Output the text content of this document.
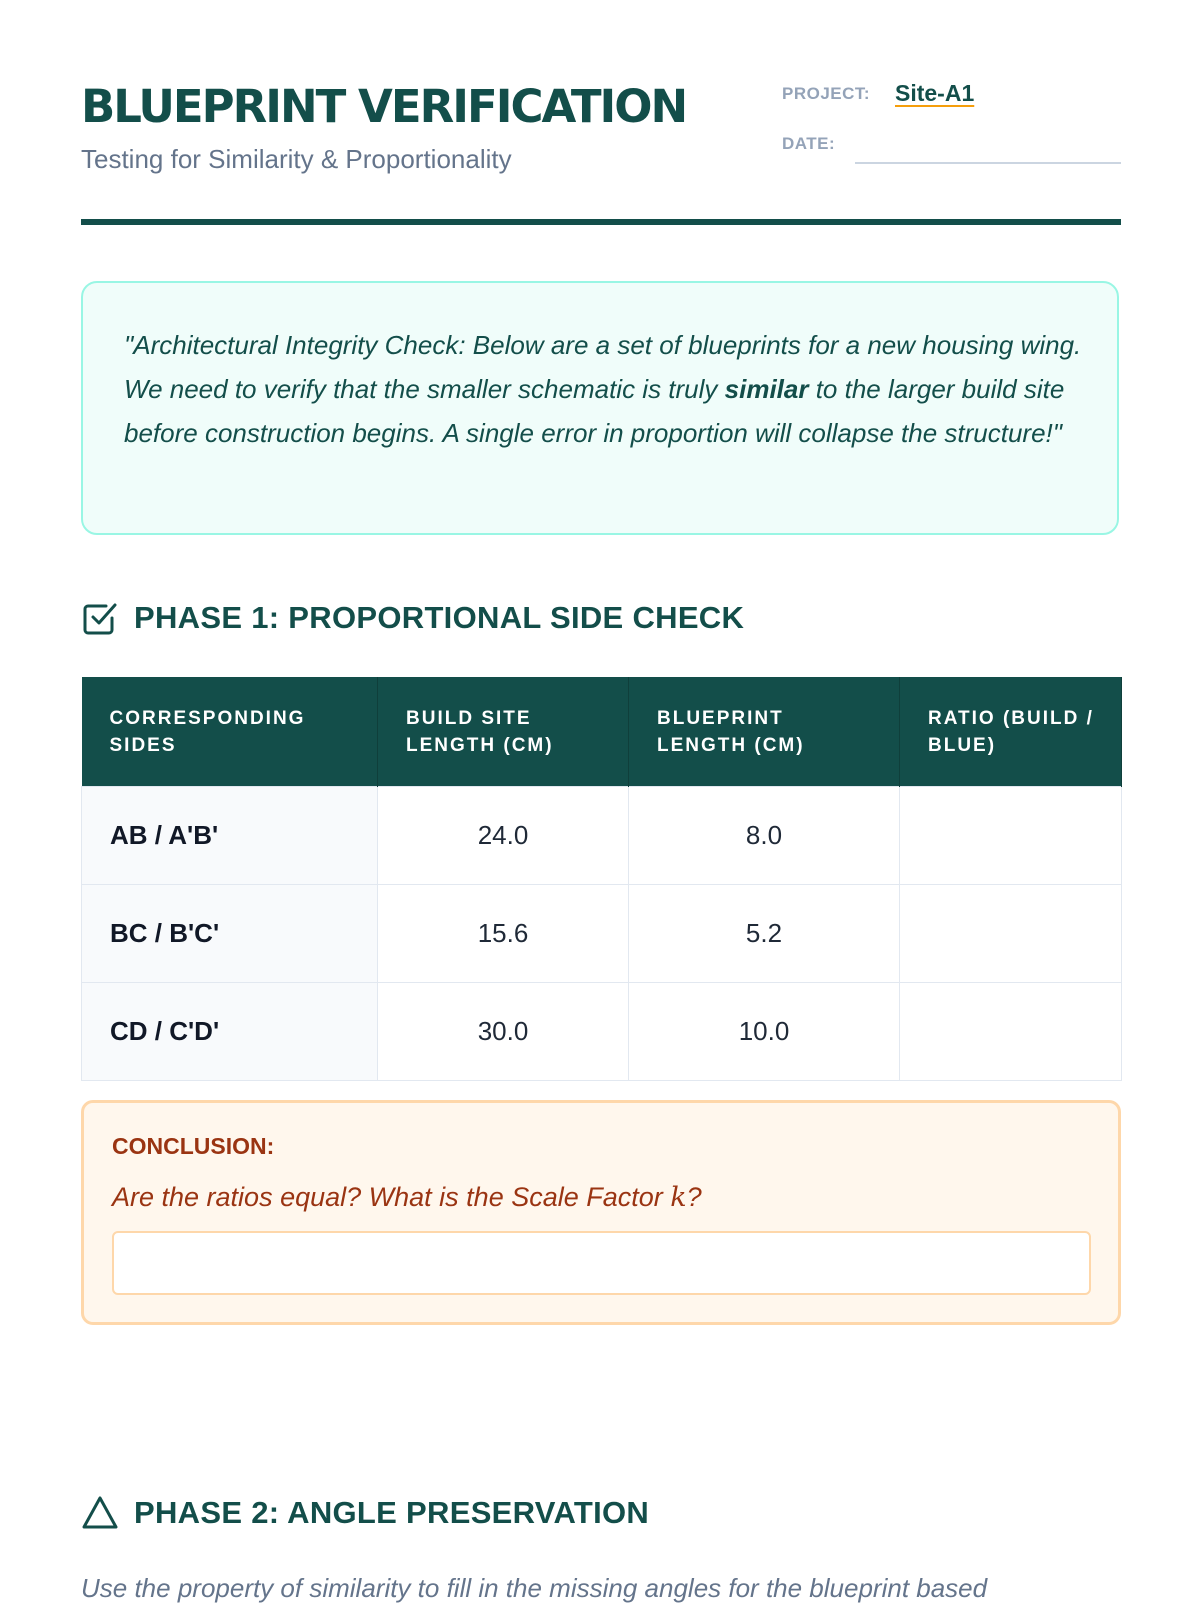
BLUEPRINT VERIFICATION
Testing for Similarity & Proportionality
PROJECT: Site-A1
DATE:

"Architectural Integrity Check: Below are a set of blueprints for a new housing wing. We need to verify that the smaller schematic is truly similar to the larger build site before construction begins. A single error in proportion will collapse the structure!"

PHASE 1: PROPORTIONAL SIDE CHECK
CORRESPONDING SIDES	BUILD SITE LENGTH (CM)	BLUEPRINT LENGTH (CM)	RATIO (BUILD / BLUE)
AB / A'B'	24.0	8.0	
BC / B'C'	15.6	5.2	
CD / C'D'	30.0	10.0	
CONCLUSION:
Are the ratios equal? What is the Scale Factor k?
PHASE 2: ANGLE PRESERVATION

Use the property of similarity to fill in the missing angles for the blueprint based
